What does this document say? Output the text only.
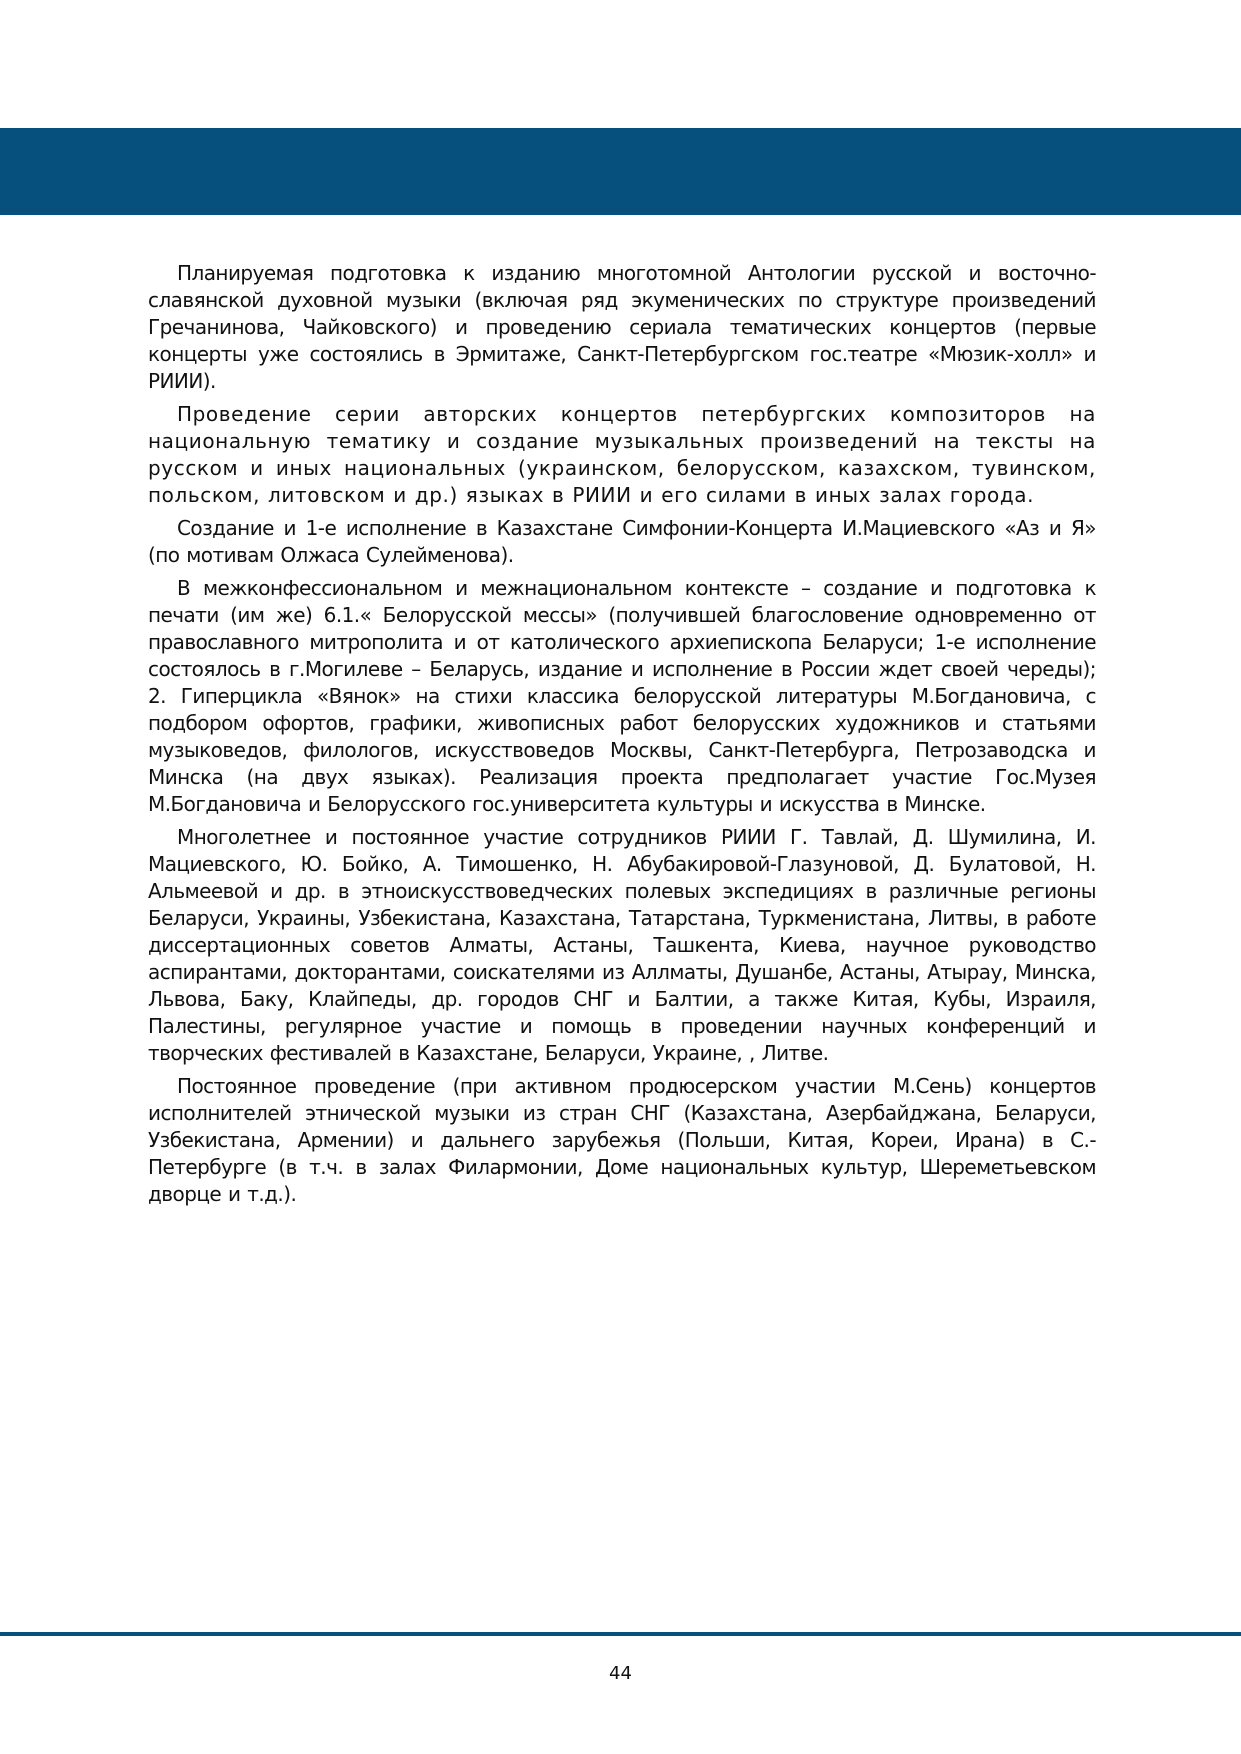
Планируемая подготовка к изданию многотомной Антологии русской и восточно-славянской духовной музыки (включая ряд экуменических по структуре произведений Гречанинова, Чайковского) и проведению сериала тематических концертов (первые концерты уже состоялись в Эрмитаже, Санкт-Петербургском гос.театре «Мюзик-холл» и РИИИ).

Проведение серии авторских концертов петербургских композиторов на национальную тематику и создание музыкальных произведений на тексты на русском и иных национальных (украинском, белорусском, казахском, тувинском, польском, литовском и др.) языках в РИИИ и его силами в иных залах города.

Создание и 1-е исполнение в Казахстане Симфонии-Концерта И.Мациевского «Аз и Я» (по мотивам Олжаса Сулейменова).

В межконфессиональном и межнациональном контексте – создание и подготовка к печати (им же) 6.1.« Белорусской мессы» (получившей благословение одновременно от православного митрополита и от католического архиепископа Беларуси; 1-е исполнение состоялось в г.Могилеве – Беларусь, издание и исполнение в России ждет своей череды); 2. Гиперцикла «Вянок» на стихи классика белорусской литературы М.Богдановича, с подбором офортов, графики, живописных работ белорусских художников и статьями музыковедов, филологов, искусствоведов Москвы, Санкт-Петербурга, Петрозаводска и Минска (на двух языках). Реализация проекта предполагает участие Гос.Музея М.Богдановича и Белорусского гос.университета культуры и искусства в Минске.

Многолетнее и постоянное участие сотрудников РИИИ Г. Тавлай, Д. Шумилина, И. Мациевского, Ю. Бойко, А. Тимошенко, Н. Абубакировой-Глазуновой, Д. Булатовой, Н. Альмеевой и др. в этноискусствоведческих полевых экспедициях в различные регионы Беларуси, Украины, Узбекистана, Казахстана, Татарстана, Туркменистана, Литвы, в работе диссертационных советов Алматы, Астаны, Ташкента, Киева, научное руководство аспирантами, докторантами, соискателями из Аллматы, Душанбе, Астаны, Атырау, Минска, Львова, Баку, Клайпеды, др. городов СНГ и Балтии, а также Китая, Кубы, Израиля, Палестины, регулярное участие и помощь в проведении научных конференций и творческих фестивалей в Казахстане, Беларуси, Украине, , Литве.

Постоянное проведение (при активном продюсерском участии М.Сень) концертов исполнителей этнической музыки из стран СНГ (Казахстана, Азербайджана, Беларуси, Узбекистана, Армении) и дальнего зарубежья (Польши, Китая, Кореи, Ирана) в С.- Петербурге (в т.ч. в залах Филармонии, Доме национальных культур, Шереметьевском дворце и т.д.).

44
